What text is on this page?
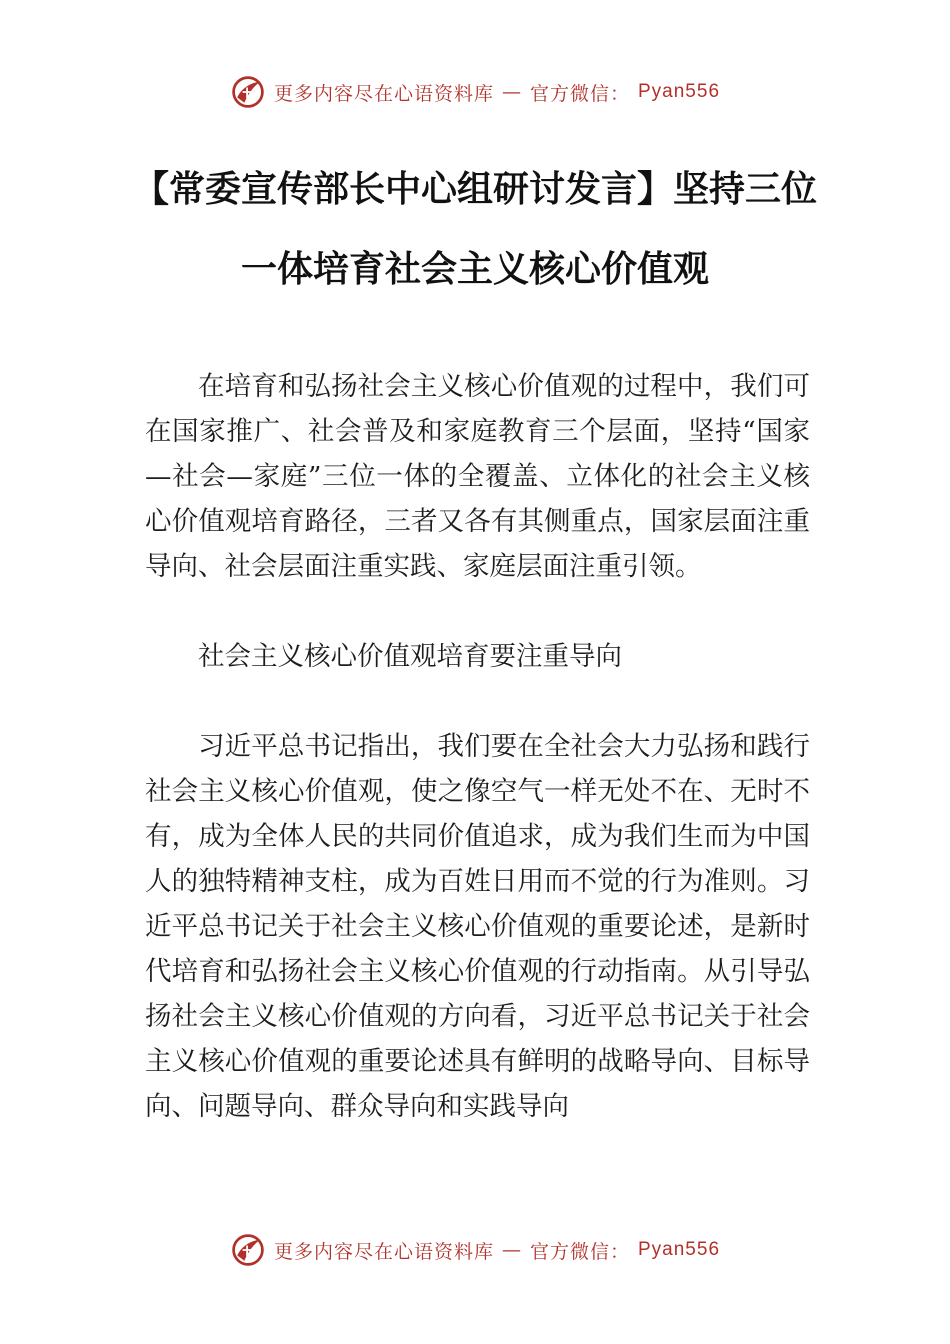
更多内容尽在心语资料库 — 官方微信： Pyan556
【常委宣传部长中心组研讨发言】坚持三位
一体培育社会主义核心价值观

在培育和弘扬社会主义核心价值观的过程中，我们可在国家推广、社会普及和家庭教育三个层面，坚持“国家—社会—家庭”三位一体的全覆盖、立体化的社会主义核心价值观培育路径，三者又各有其侧重点，国家层面注重导向、社会层面注重实践、家庭层面注重引领。

社会主义核心价值观培育要注重导向

习近平总书记指出，我们要在全社会大力弘扬和践行社会主义核心价值观，使之像空气一样无处不在、无时不有，成为全体人民的共同价值追求，成为我们生而为中国人的独特精神支柱，成为百姓日用而不觉的行为准则。习近平总书记关于社会主义核心价值观的重要论述，是新时代培育和弘扬社会主义核心价值观的行动指南。从引导弘扬社会主义核心价值观的方向看，习近平总书记关于社会主义核心价值观的重要论述具有鲜明的战略导向、目标导向、问题导向、群众导向和实践导向

更多内容尽在心语资料库 — 官方微信： Pyan556
